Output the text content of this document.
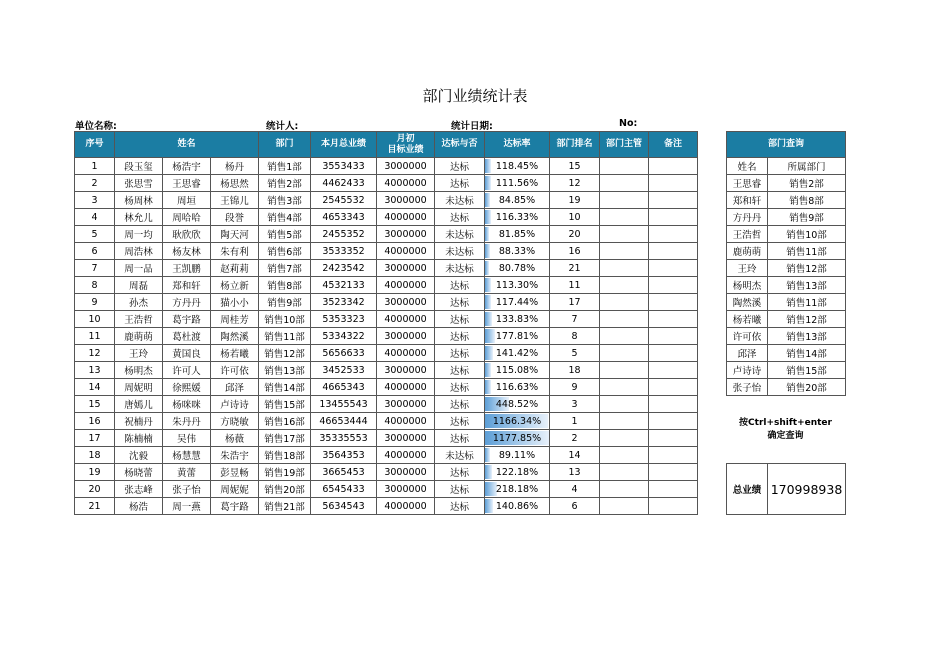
部门业绩统计表
单位名称:	统计人:	统计日期:	No:
序号	姓名			部门	本月总业绩	月初
目标业绩	达标与否	达标率	部门排名	部门主管	备注
1	段玉玺	杨浩宇	杨丹	销售1部	3553433	3000000	达标	118.45%	15		
2	张思雪	王思睿	杨思然	销售2部	4462433	4000000	达标	111.56%	12		
3	杨周林	周垣	王锦儿	销售3部	2545532	3000000	未达标	84.85%	19		
4	林允儿	周哈哈	段誉	销售4部	4653343	4000000	达标	116.33%	10		
5	周一均	耿欣欣	陶天河	销售5部	2455352	3000000	未达标	81.85%	20		
6	周浩林	杨友林	朱有利	销售6部	3533352	4000000	未达标	88.33%	16		
7	周一品	王凯鹏	赵莉莉	销售7部	2423542	3000000	未达标	80.78%	21		
8	周磊	郑和轩	杨立新	销售8部	4532133	4000000	达标	113.30%	11		
9	孙杰	方丹丹	猫小小	销售9部	3523342	3000000	达标	117.44%	17		
10	王浩哲	葛宇路	周桂芳	销售10部	5353323	4000000	达标	133.83%	7		
11	鹿萌萌	葛杜渡	陶然溪	销售11部	5334322	3000000	达标	177.81%	8		
12	王玲	黄国良	杨若曦	销售12部	5656633	4000000	达标	141.42%	5		
13	杨明杰	许可人	许可依	销售13部	3452533	3000000	达标	115.08%	18		
14	周妮明	徐熙媛	邱泽	销售14部	4665343	4000000	达标	116.63%	9		
15	唐嫣儿	杨咪咪	卢诗诗	销售15部	13455543	3000000	达标	448.52%	3		
16	祝楠丹	朱丹丹	方晓敏	销售16部	46653444	4000000	达标	1166.34%	1		
17	陈楠楠	吴伟	杨薇	销售17部	35335553	3000000	达标	1177.85%	2		
18	沈毅	杨慧慧	朱浩宇	销售18部	3564353	4000000	未达标	89.11%	14		
19	杨晓蕾	黄蕾	彭昱畅	销售19部	3665453	3000000	达标	122.18%	13		
20	张志峰	张子怡	周妮妮	销售20部	6545433	3000000	达标	218.18%	4		
21	杨浩	周一燕	葛宇路	销售21部	5634543	4000000	达标	140.86%	6		
部门查询	
姓名	所属部门
王思睿	销售2部
郑和轩	销售8部
方丹丹	销售9部
王浩哲	销售10部
鹿萌萌	销售11部
王玲	销售12部
杨明杰	销售13部
陶然溪	销售11部
杨若曦	销售12部
许可依	销售13部
邱泽	销售14部
卢诗诗	销售15部
张子怡	销售20部
按Ctrl+shift+enter
确定查询
总业绩	170998938
